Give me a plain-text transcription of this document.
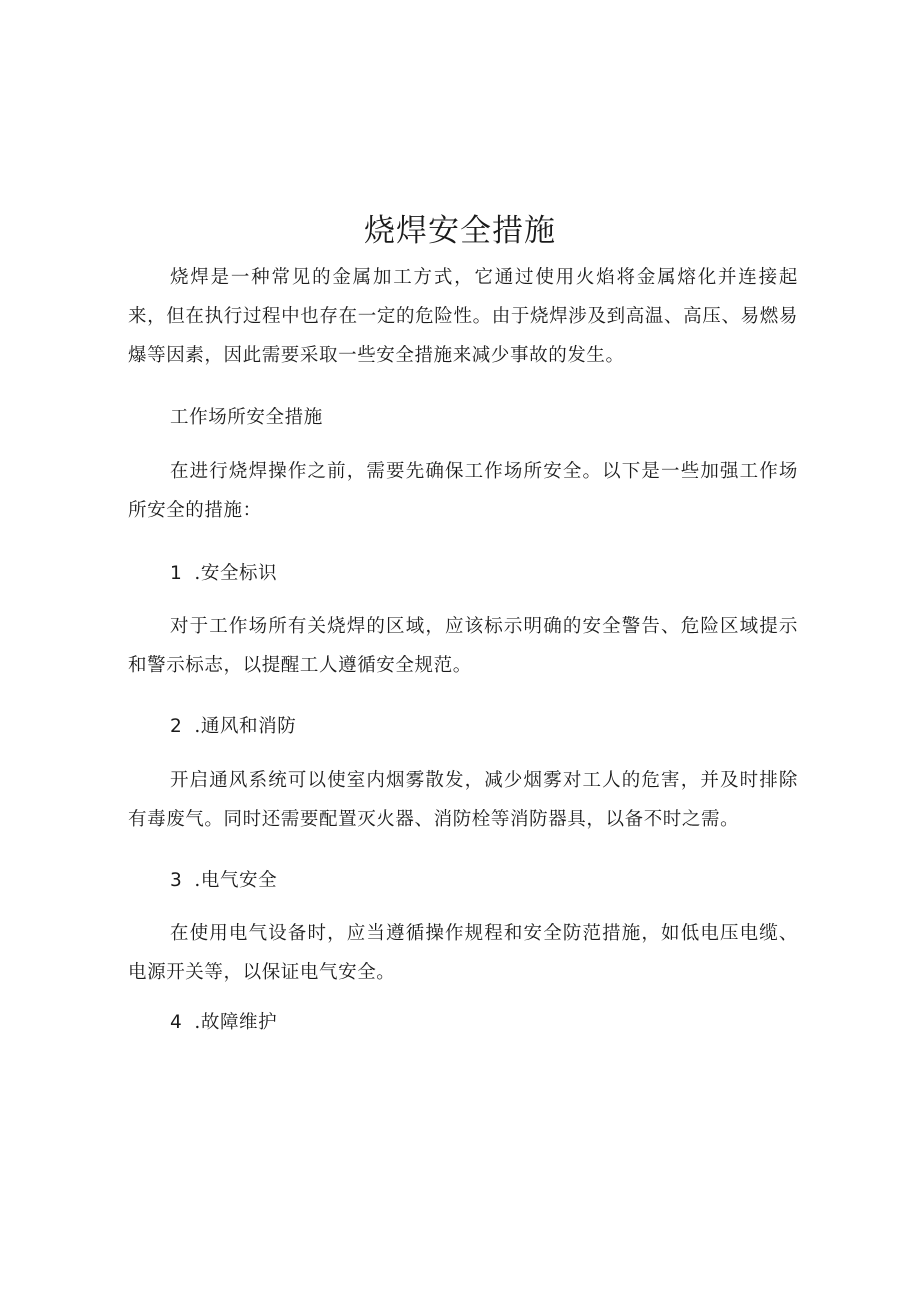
烧焊安全措施

烧焊是一种常见的金属加工方式，它通过使用火焰将金属熔化并连接起来，但在执行过程中也存在一定的危险性。由于烧焊涉及到高温、高压、易燃易爆等因素，因此需要采取一些安全措施来减少事故的发生。

工作场所安全措施

在进行烧焊操作之前，需要先确保工作场所安全。以下是一些加强工作场所安全的措施：

1 .安全标识

对于工作场所有关烧焊的区域，应该标示明确的安全警告、危险区域提示和警示标志，以提醒工人遵循安全规范。

2 .通风和消防

开启通风系统可以使室内烟雾散发，减少烟雾对工人的危害，并及时排除有毒废气。同时还需要配置灭火器、消防栓等消防器具，以备不时之需。

3 .电气安全

在使用电气设备时，应当遵循操作规程和安全防范措施，如低电压电缆、电源开关等，以保证电气安全。

4 .故障维护
